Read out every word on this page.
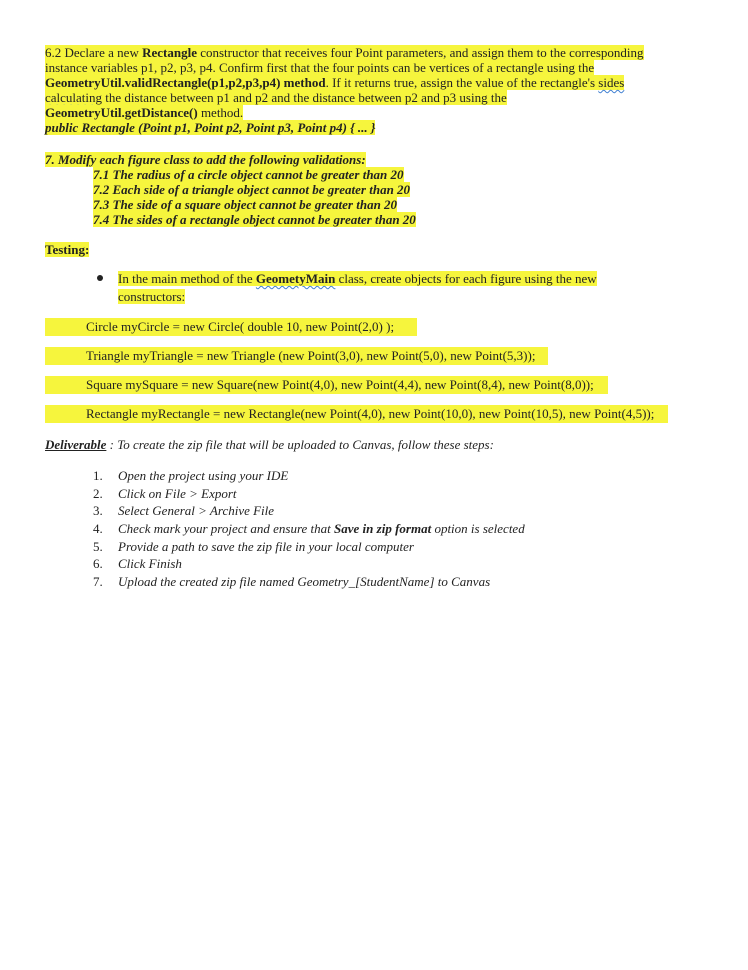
6.2 Declare a new Rectangle constructor that receives four Point parameters, and assign them to the corresponding
instance variables p1, p2, p3, p4. Confirm first that the four points can be vertices of a rectangle using the
GeometryUtil.validRectangle(p1,p2,p3,p4) method. If it returns true, assign the value of the rectangle's sides
calculating the distance between p1 and p2 and the distance between p2 and p3 using the
GeometryUtil.getDistance() method.
public Rectangle (Point p1, Point p2, Point p3, Point p4) { ... }
7. Modify each figure class to add the following validations:
7.1 The radius of a circle object cannot be greater than 20
7.2 Each side of a triangle object cannot be greater than 20
7.3 The side of a square object cannot be greater than 20
7.4 The sides of a rectangle object cannot be greater than 20
Testing:
In the main method of the GeometyMain class, create objects for each figure using the new
constructors:
Circle myCircle = new Circle( double 10, new Point(2,0) );
Triangle myTriangle = new Triangle (new Point(3,0), new Point(5,0), new Point(5,3));
Square mySquare = new Square(new Point(4,0), new Point(4,4), new Point(8,4), new Point(8,0));
Rectangle myRectangle = new Rectangle(new Point(4,0), new Point(10,0), new Point(10,5), new Point(4,5));
Deliverable : To create the zip file that will be uploaded to Canvas, follow these steps:
1.	Open the project using your IDE
2.	Click on File > Export
3.	Select General > Archive File
4.	Check mark your project and ensure that Save in zip format option is selected
5.	Provide a path to save the zip file in your local computer
6.	Click Finish
7.	Upload the created zip file named Geometry_[StudentName] to Canvas
